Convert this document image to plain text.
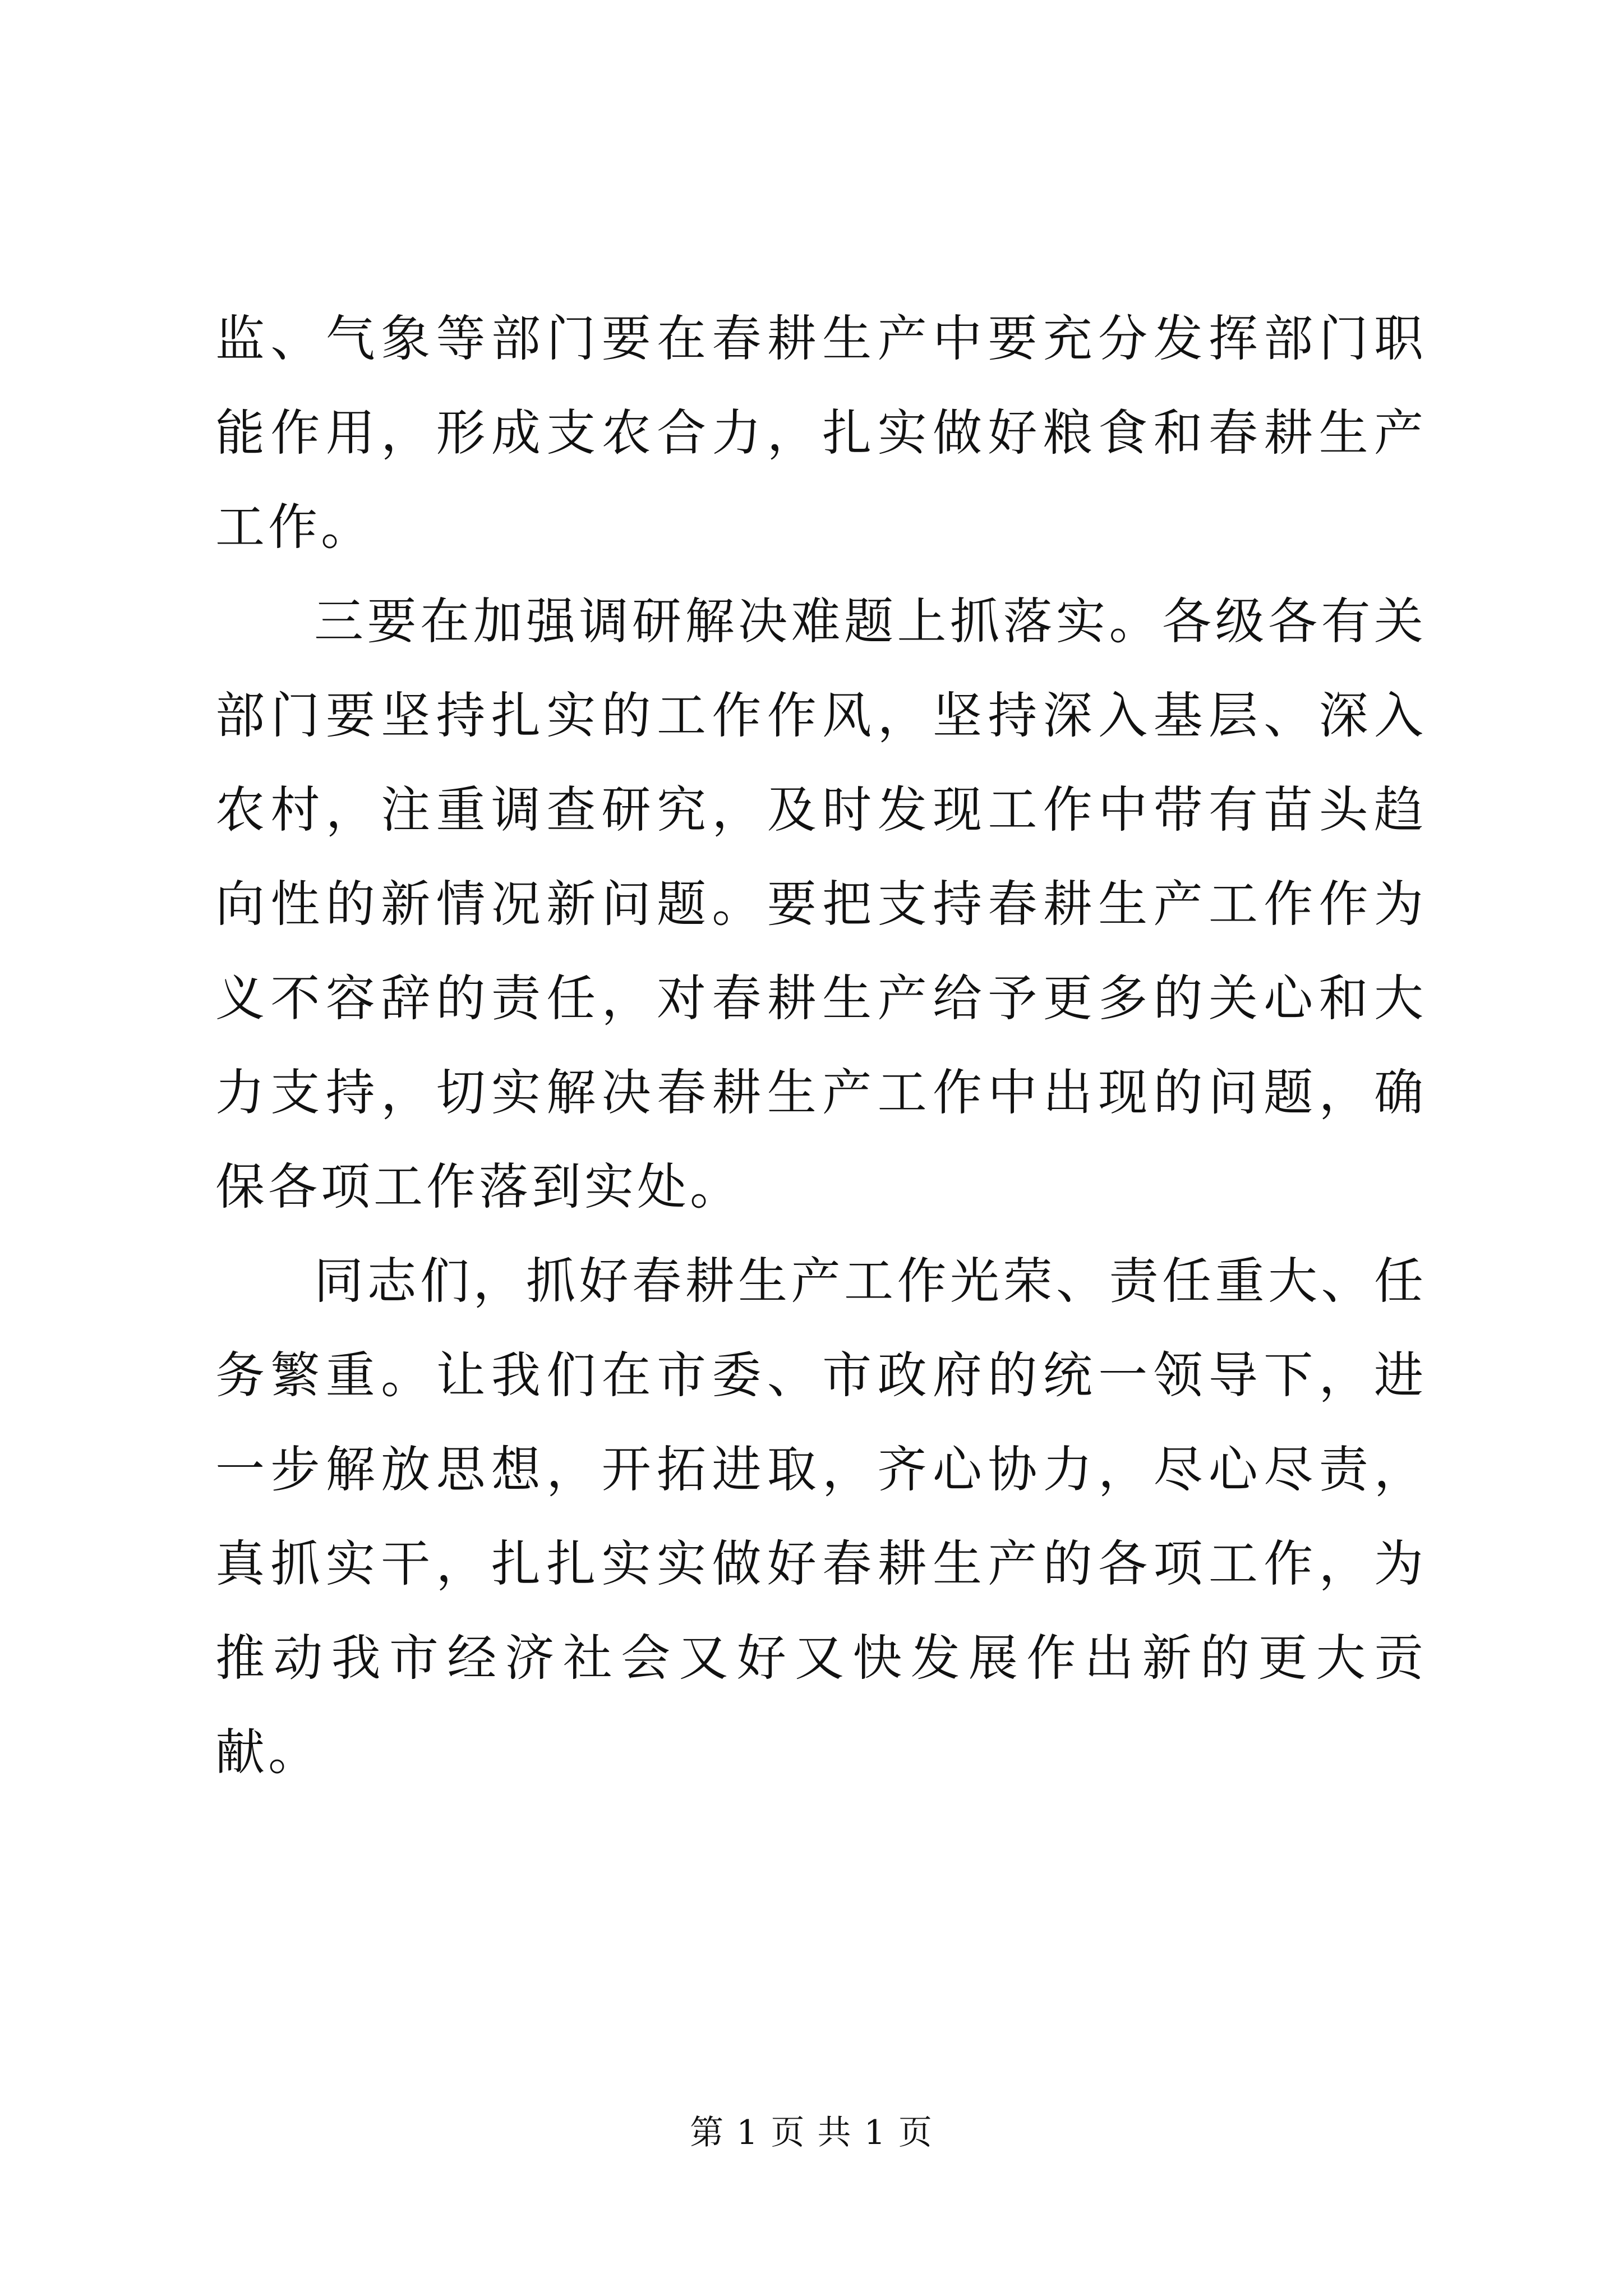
监、气象等部门要在春耕生产中要充分发挥部门职能作用，形成支农合力，扎实做好粮食和春耕生产工作。

三要在加强调研解决难题上抓落实。各级各有关部门要坚持扎实的工作作风，坚持深入基层、深入农村，注重调查研究，及时发现工作中带有苗头趋向性的新情况新问题。要把支持春耕生产工作作为义不容辞的责任，对春耕生产给予更多的关心和大力支持，切实解决春耕生产工作中出现的问题，确保各项工作落到实处。

同志们，抓好春耕生产工作光荣、责任重大、任务繁重。让我们在市委、市政府的统一领导下，进一步解放思想，开拓进取，齐心协力，尽心尽责，真抓实干，扎扎实实做好春耕生产的各项工作，为推动我市经济社会又好又快发展作出新的更大贡献。

第 1 页 共 1 页
